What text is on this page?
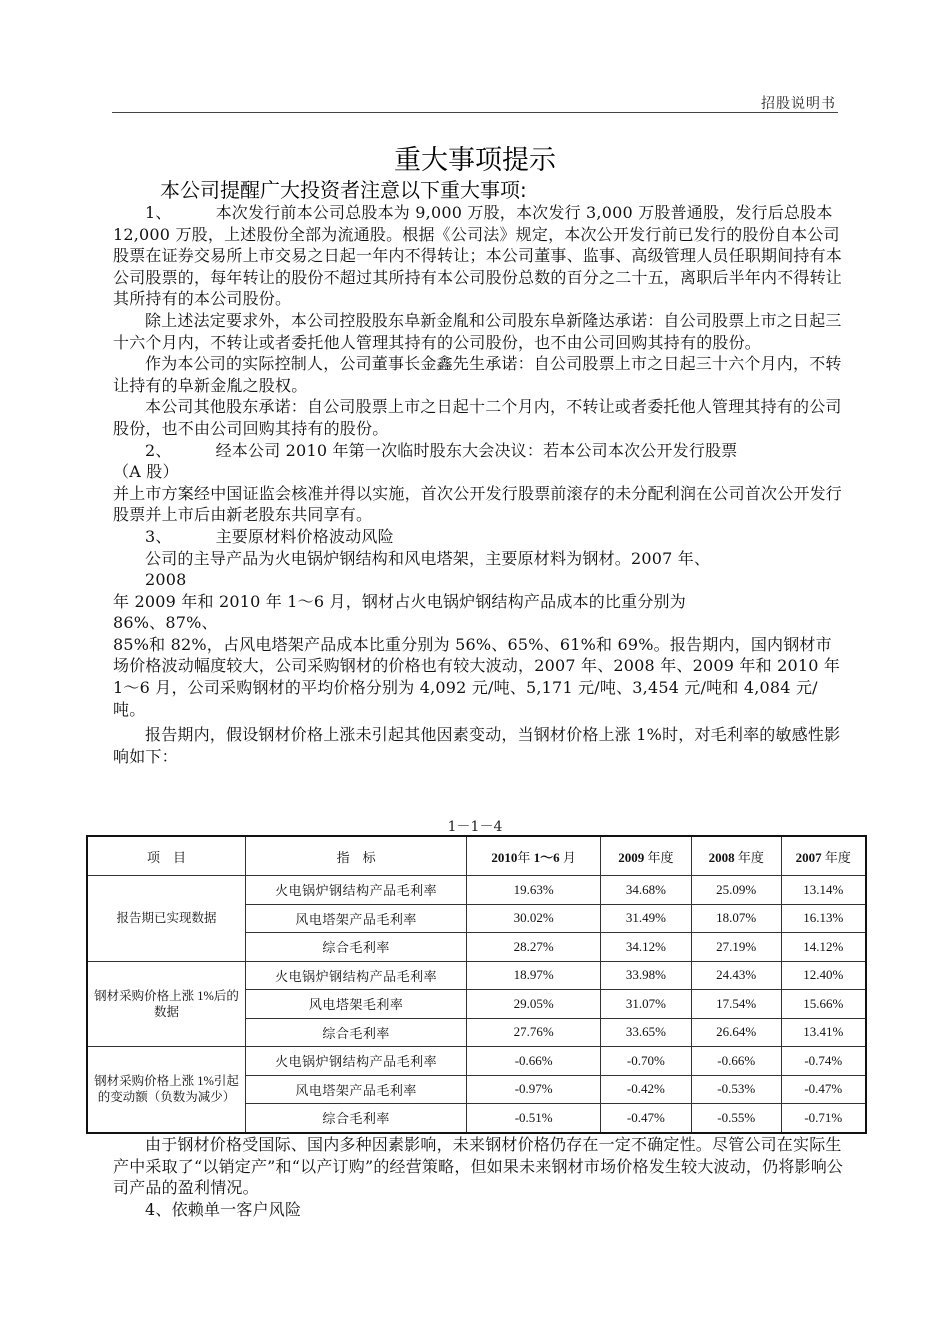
招股说明书
重大事项提示
本公司提醒广大投资者注意以下重大事项:

1、	本次发行前本公司总股本为 9,000 万股，本次发行 3,000 万股普通股，发行后总股本 12,000 万股，上述股份全部为流通股。根据《公司法》规定，本次公开发行前已发行的股份自本公司股票在证券交易所上市交易之日起一年内不得转让；本公司董事、监事、高级管理人员任职期间持有本公司股票的，每年转让的股份不超过其所持有本公司股份总数的百分之二十五，离职后半年内不得转让其所持有的本公司股份。

除上述法定要求外，本公司控股股东阜新金胤和公司股东阜新隆达承诺：自公司股票上市之日起三十六个月内，不转让或者委托他人管理其持有的公司股份，也不由公司回购其持有的股份。

作为本公司的实际控制人，公司董事长金鑫先生承诺：自公司股票上市之日起三十六个月内，不转让持有的阜新金胤之股权。

本公司其他股东承诺：自公司股票上市之日起十二个月内，不转让或者委托他人管理其持有的公司股份，也不由公司回购其持有的股份。

2、	经本公司 2010 年第一次临时股东大会决议：若本公司本次公开发行股票

（A 股）

并上市方案经中国证监会核准并得以实施，首次公开发行股票前滚存的未分配利润在公司首次公开发行股票并上市后由新老股东共同享有。

3、	主要原材料价格波动风险

公司的主导产品为火电锅炉钢结构和风电塔架，主要原材料为钢材。2007 年、

2008

年 2009 年和 2010 年 1～6 月，钢材占火电锅炉钢结构产品成本的比重分别为

86%、87%、

85%和 82%，占风电塔架产品成本比重分别为 56%、65%、61%和 69%。报告期内，国内钢材市场价格波动幅度较大，公司采购钢材的价格也有较大波动，2007 年、2008 年、2009 年和 2010 年 1～6 月，公司采购钢材的平均价格分别为 4,092 元/吨、5,171 元/吨、3,454 元/吨和 4,084 元/吨。

报告期内，假设钢材价格上涨未引起其他因素变动，当钢材价格上涨 1%时，对毛利率的敏感性影响如下：

1－1－4
项　目	指　标	2010年 1～6 月	2009 年度	2008 年度	2007 年度
报告期已实现数据	火电锅炉钢结构产品毛利率	19.63%	34.68%	25.09%	13.14%
	风电塔架产品毛利率	30.02%	31.49%	18.07%	16.13%
	综合毛利率	28.27%	34.12%	27.19%	14.12%
钢材采购价格上涨 1%后的数据	火电锅炉钢结构产品毛利率	18.97%	33.98%	24.43%	12.40%
	风电塔架毛利率	29.05%	31.07%	17.54%	15.66%
	综合毛利率	27.76%	33.65%	26.64%	13.41%
钢材采购价格上涨 1%引起的变动额（负数为减少）	火电锅炉钢结构产品毛利率	-0.66%	-0.70%	-0.66%	-0.74%
	风电塔架产品毛利率	-0.97%	-0.42%	-0.53%	-0.47%
	综合毛利率	-0.51%	-0.47%	-0.55%	-0.71%

由于钢材价格受国际、国内多种因素影响，未来钢材价格仍存在一定不确定性。尽管公司在实际生产中采取了“以销定产”和“以产订购”的经营策略，但如果未来钢材市场价格发生较大波动，仍将影响公司产品的盈利情况。

4、依赖单一客户风险
